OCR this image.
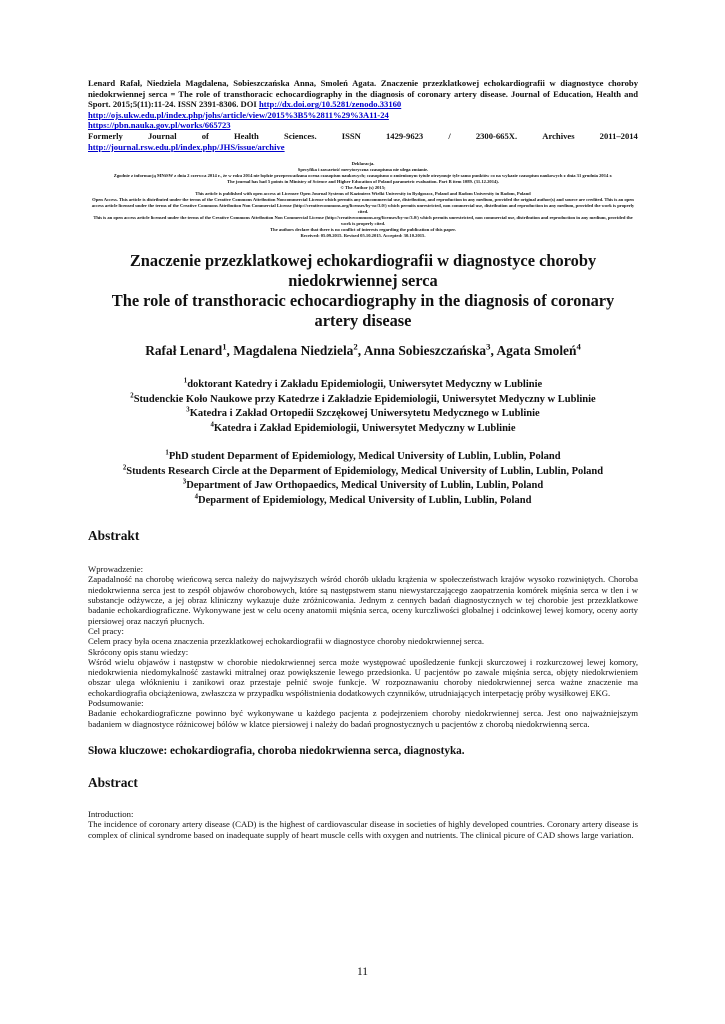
Lenard Rafał, Niedziela Magdalena, Sobieszczańska Anna, Smoleń Agata. Znaczenie przezklatkowej echokardiografii w diagnostyce choroby niedokrwiennej serca = The role of transthoracic echocardiography in the diagnosis of coronary artery disease. Journal of Education, Health and Sport. 2015;5(11):11-24. ISSN 2391-8306. DOI http://dx.doi.org/10.5281/zenodo.33160
http://ojs.ukw.edu.pl/index.php/johs/article/view/2015%3B5%2811%29%3A11-24
https://pbn.nauka.gov.pl/works/665723
Formerly	Journal	of	Health	Sciences.	ISSN	1429-9623	/	2300-665X.	Archives	2011–2014
http://journal.rsw.edu.pl/index.php/JHS/issue/archive
Deklaracja.
Specyfika i zawartość merytoryczna czasopisma nie ulega zmianie.
Zgodnie z informacją MNiSW z dnia 2 czerwca 2014 r., że w roku 2014 nie będzie przeprowadzana ocena czasopism naukowych; czasopismo o zmienionym tytule otrzymuje tyle samo punktów co na wykazie czasopism naukowych z dnia 31 grudnia 2014 r.
The journal has had 5 points in Ministry of Science and Higher Education of Poland parametric evaluation. Part B item 1089. (31.12.2014).
© The Author (s) 2015;
This article is published with open access at Licensee Open Journal Systems of Kazimierz Wielki University in Bydgoszcz, Poland and Radom University in Radom, Poland
Open Access. This article is distributed under the terms of the Creative Commons Attribution Noncommercial License which permits any noncommercial use, distribution, and reproduction in any medium, provided the original author(s) and source are credited. This is an open access article licensed under the terms of the Creative Commons Attribution Non Commercial License (http://creativecommons.org/licenses/by-nc/3.0/) which permits unrestricted, non commercial use, distribution and reproduction in any medium, provided the work is properly cited.
This is an open access article licensed under the terms of the Creative Commons Attribution Non Commercial License (http://creativecommons.org/licenses/by-nc/3.0/) which permits unrestricted, non commercial use, distribution and reproduction in any medium, provided the work is properly cited.
The authors declare that there is no conflict of interests regarding the publication of this paper.
Received: 05.09.2015. Revised 05.10.2015. Accepted: 30.10.2015.
Znaczenie przezklatkowej echokardiografii w diagnostyce choroby niedokrwiennej serca
The role of transthoracic echocardiography in the diagnosis of coronary artery disease
Rafał Lenard$^1$, Magdalena Niedziela$^2$, Anna Sobieszczańska$^3$, Agata Smoleń$^4$
$^1$doktorant Katedry i Zakładu Epidemiologii, Uniwersytet Medyczny w Lublinie
$^2$Studenckie Koło Naukowe przy Katedrze i Zakładzie Epidemiologii, Uniwersytet Medyczny w Lublinie
$^3$Katedra i Zakład Ortopedii Szczękowej Uniwersytetu Medycznego w Lublinie
$^4$Katedra i Zakład Epidemiologii, Uniwersytet Medyczny w Lublinie
$^1$PhD student Deparment of Epidemiology, Medical University of Lublin, Lublin, Poland
$^2$Students Research Circle at the Deparment of Epidemiology, Medical University of Lublin, Lublin, Poland
$^3$Department of Jaw Orthopaedics, Medical University of Lublin, Lublin, Poland
$^4$Deparment of Epidemiology, Medical University of Lublin, Lublin, Poland
Abstrakt

Wprowadzenie:

Zapadalność na chorobę wieńcową serca należy do najwyższych wśród chorób układu krążenia w społeczeństwach krajów wysoko rozwiniętych. Choroba niedokrwienna serca jest to zespół objawów chorobowych, które są następstwem stanu niewystarczającego zaopatrzenia komórek mięśnia serca w tlen i w substancje odżywcze, a jej obraz kliniczny wykazuje duże zróżnicowania. Jednym z cennych badań diagnostycznych w tej chorobie jest przezklatkowe badanie echokardiograficzne. Wykonywane jest w celu oceny anatomii mięśnia serca, oceny kurczliwości globalnej i odcinkowej lewej komory, oceny aorty piersiowej oraz naczyń płucnych.

Cel pracy:

Celem pracy była ocena znaczenia przezklatkowej echokardiografii w diagnostyce choroby niedokrwiennej serca.

Skrócony opis stanu wiedzy:

Wśród wielu objawów i następstw w chorobie niedokrwiennej serca może występować upośledzenie funkcji skurczowej i rozkurczowej lewej komory, niedokrwienia niedomykalność zastawki mitralnej oraz powiększenie lewego przedsionka. U pacjentów po zawale mięśnia serca, objęty niedokrwieniem obszar ulega włóknieniu i zanikowi oraz przestaje pełnić swoje funkcje. W rozpoznawaniu choroby niedokrwiennej serca ważne znaczenie ma echokardiografia obciążeniowa, zwłaszcza w przypadku współistnienia dodatkowych czynników, utrudniających interpetację próby wysiłkowej EKG.

Podsumowanie:

Badanie echokardiograficzne powinno być wykonywane u każdego pacjenta z podejrzeniem choroby niedokrwiennej serca. Jest ono najważniejszym badaniem w diagnostyce różnicowej bólów w klatce piersiowej i należy do badań prognostycznych u pacjentów z chorobą niedokrwienną serca.

Słowa kluczowe: echokardiografia, choroba niedokrwienna serca, diagnostyka.
Abstract

Introduction:

The incidence of coronary artery disease (CAD) is the highest of cardiovascular disease in societies of highly developed countries. Coronary artery disease is complex of clinical syndrome based on inadequate supply of heart muscle cells with oxygen and nutrients. The clinical picure of CAD shows large variation.

11
